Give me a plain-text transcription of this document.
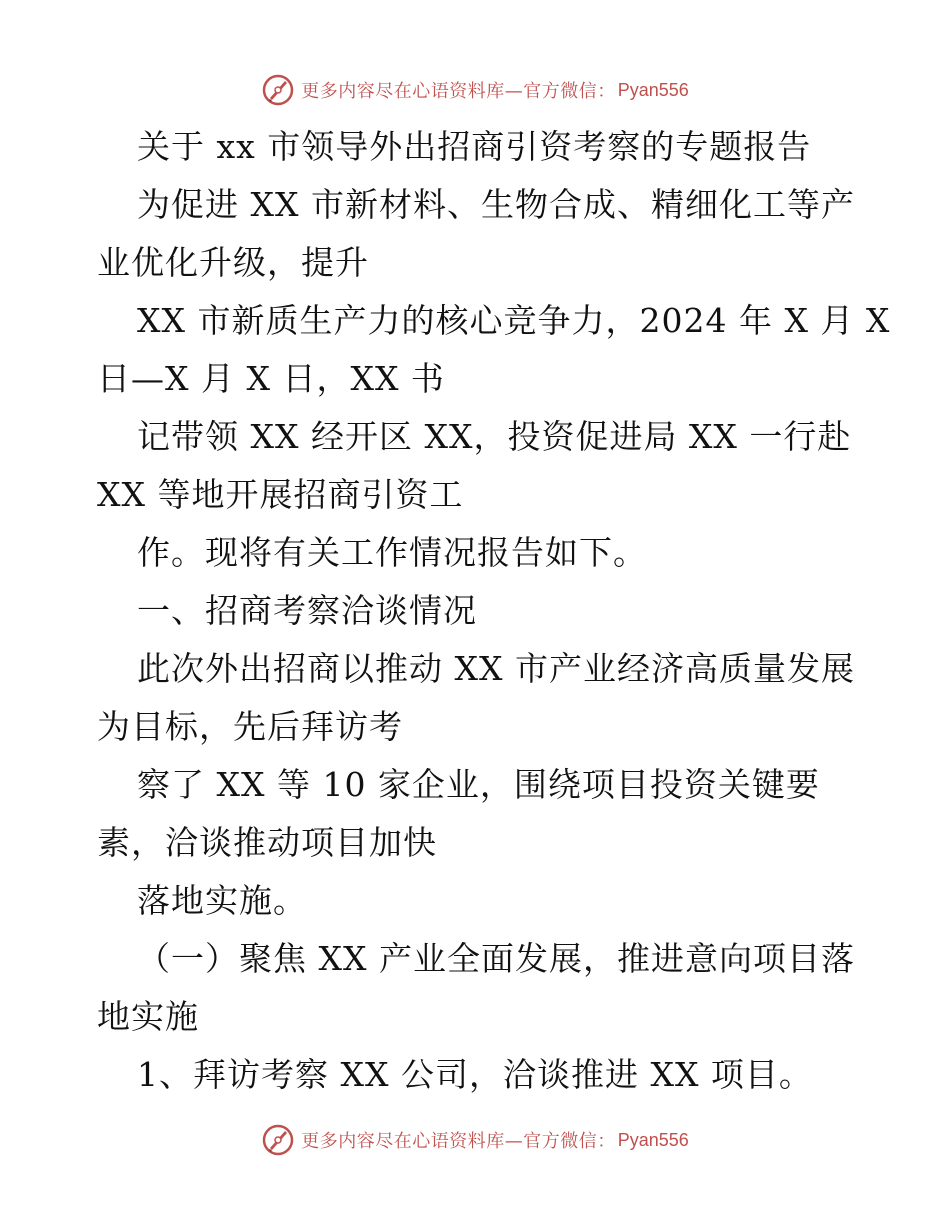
更多内容尽在心语资料库—官方微信： Pyan556
关于 xx 市领导外出招商引资考察的专题报告
为促进 XX 市新材料、生物合成、精细化工等产
业优化升级，提升
XX 市新质生产力的核心竞争力，2024 年 X 月 X
日—X 月 X 日，XX 书
记带领 XX 经开区 XX，投资促进局 XX 一行赴
XX 等地开展招商引资工
作。现将有关工作情况报告如下。
一、招商考察洽谈情况
此次外出招商以推动 XX 市产业经济高质量发展
为目标，先后拜访考
察了 XX 等 10 家企业，围绕项目投资关键要
素，洽谈推动项目加快
落地实施。
（一）聚焦 XX 产业全面发展，推进意向项目落
地实施
1、拜访考察 XX 公司，洽谈推进 XX 项目。
更多内容尽在心语资料库—官方微信： Pyan556
